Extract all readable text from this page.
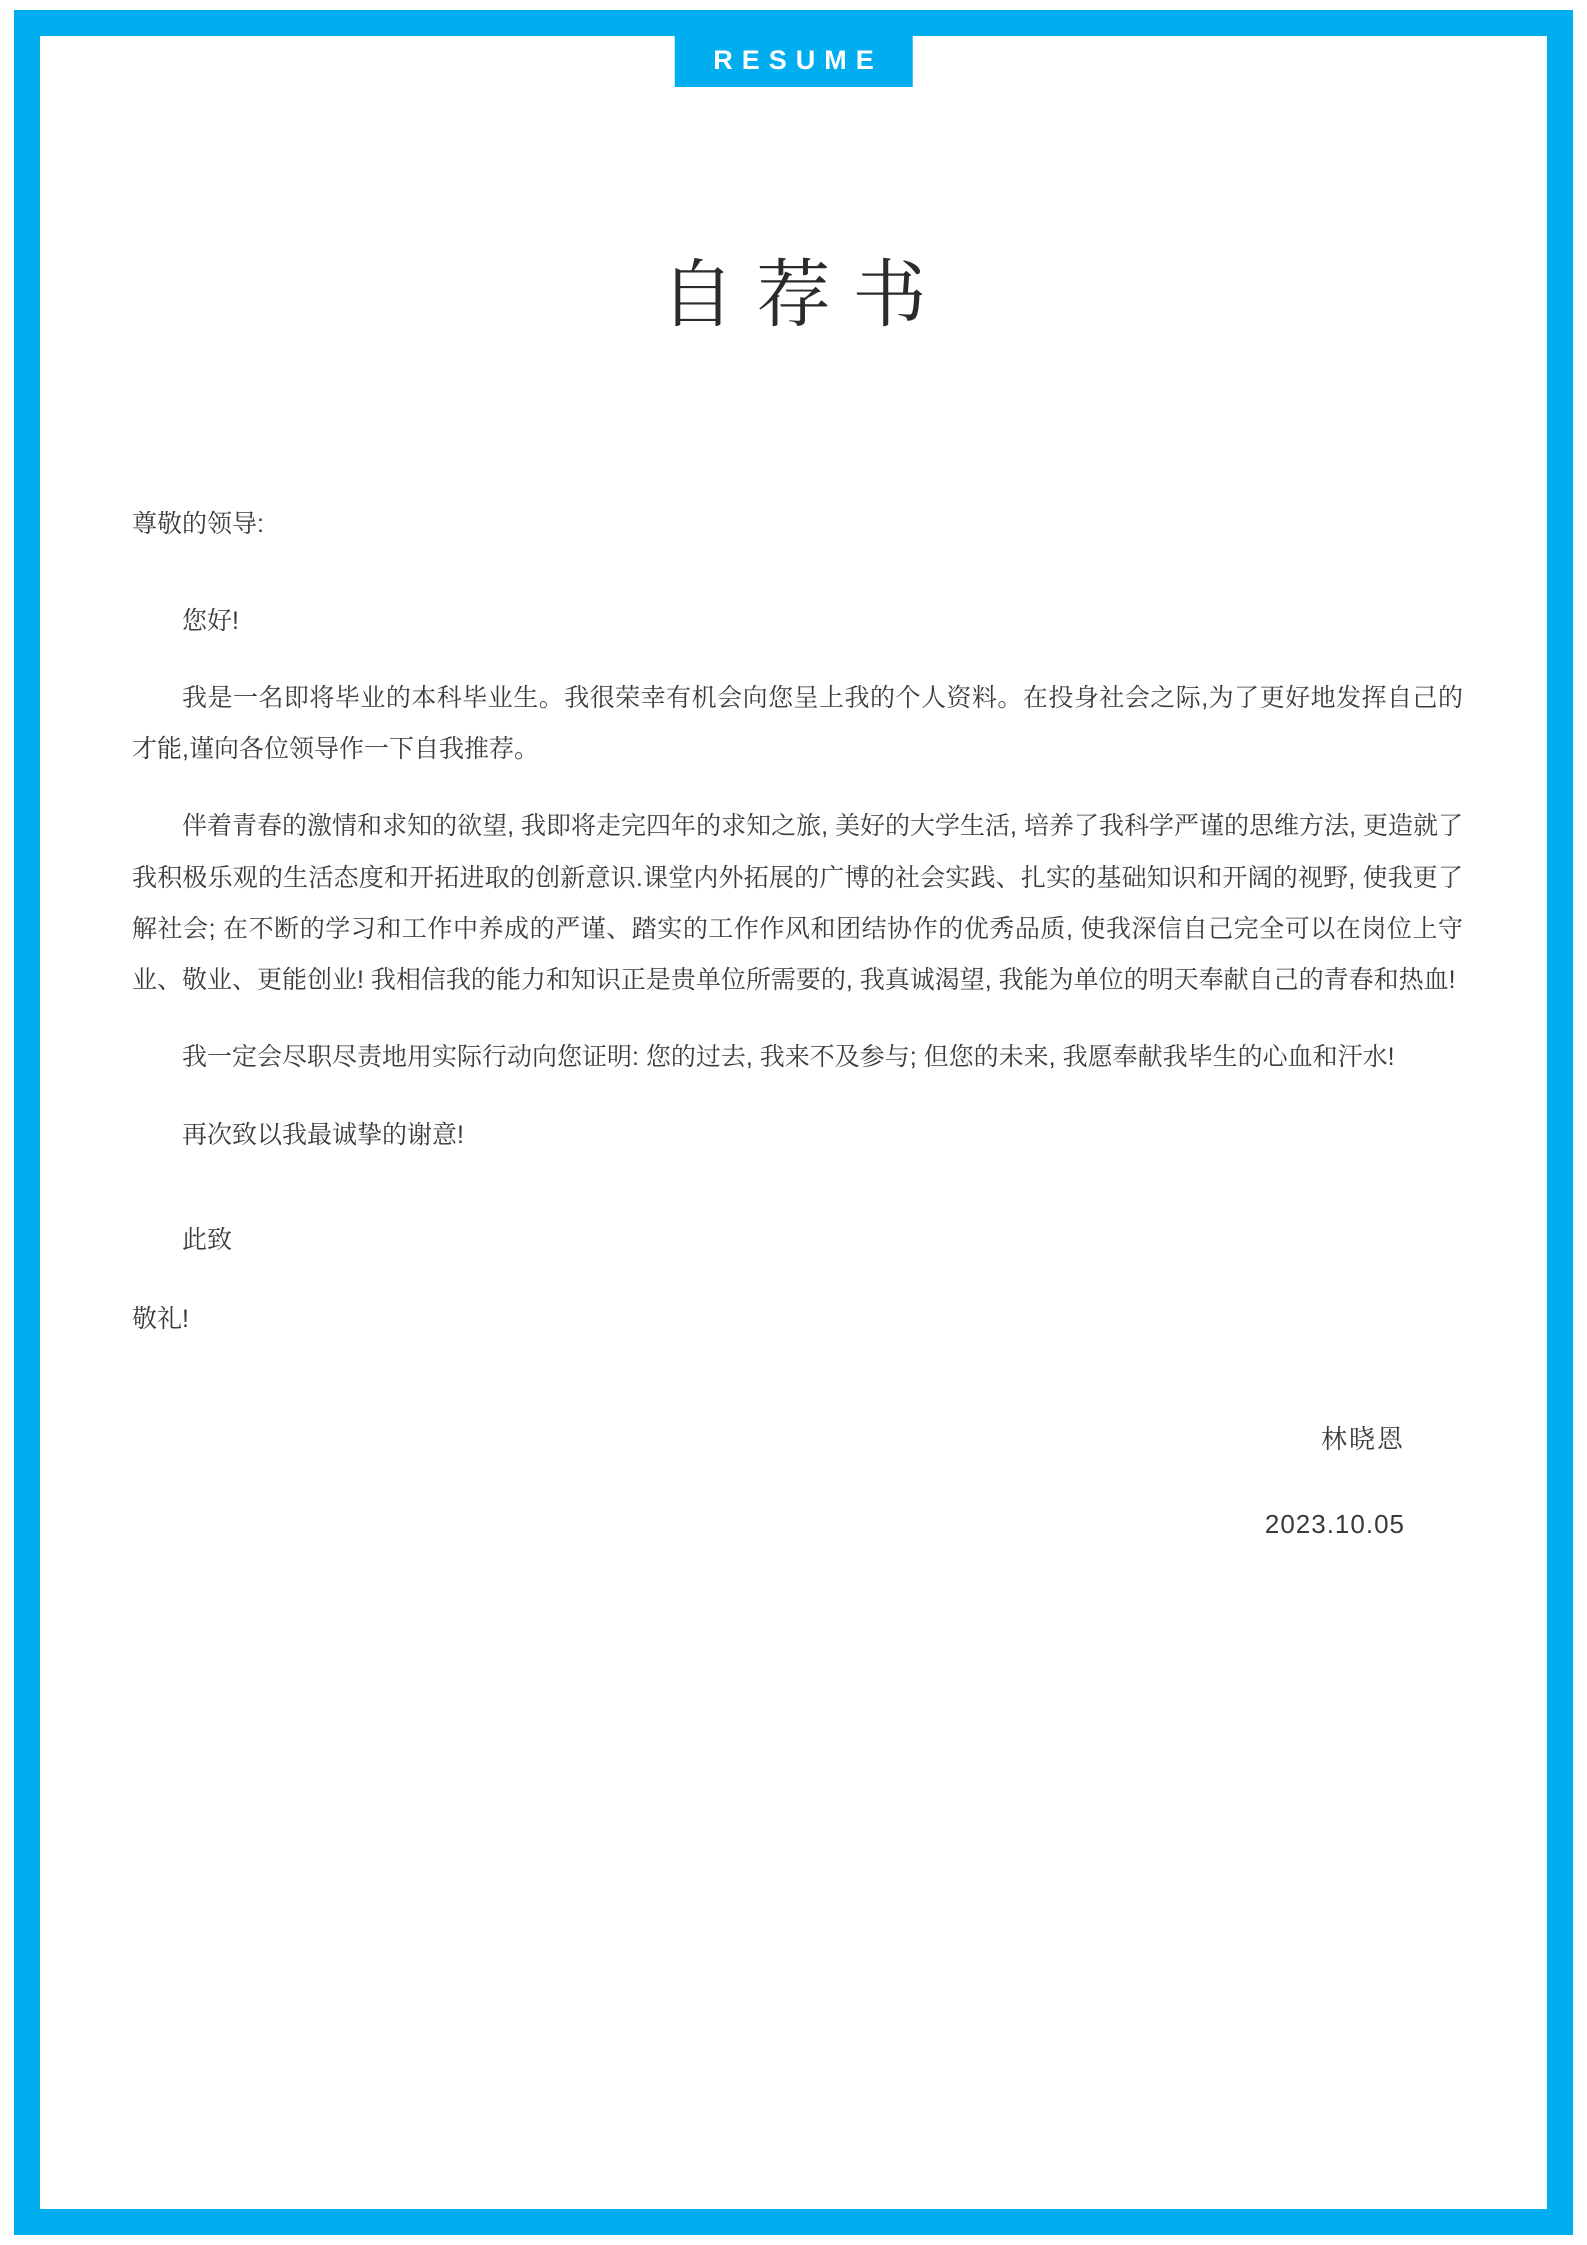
RESUME
自荐书

尊敬的领导:

您好!

我是一名即将毕业的本科毕业生。我很荣幸有机会向您呈上我的个人资料。在投身社会之际,为了更好地发挥自己的才能,谨向各位领导作一下自我推荐。

伴着青春的激情和求知的欲望, 我即将走完四年的求知之旅, 美好的大学生活, 培养了我科学严谨的思维方法, 更造就了我积极乐观的生活态度和开拓进取的创新意识.课堂内外拓展的广博的社会实践、扎实的基础知识和开阔的视野, 使我更了解社会; 在不断的学习和工作中养成的严谨、踏实的工作作风和团结协作的优秀品质, 使我深信自己完全可以在岗位上守业、敬业、更能创业! 我相信我的能力和知识正是贵单位所需要的, 我真诚渴望, 我能为单位的明天奉献自己的青春和热血!

我一定会尽职尽责地用实际行动向您证明: 您的过去, 我来不及参与; 但您的未来, 我愿奉献我毕生的心血和汗水!

再次致以我最诚挚的谢意!

此致

敬礼!

林晓恩
2023.10.05
